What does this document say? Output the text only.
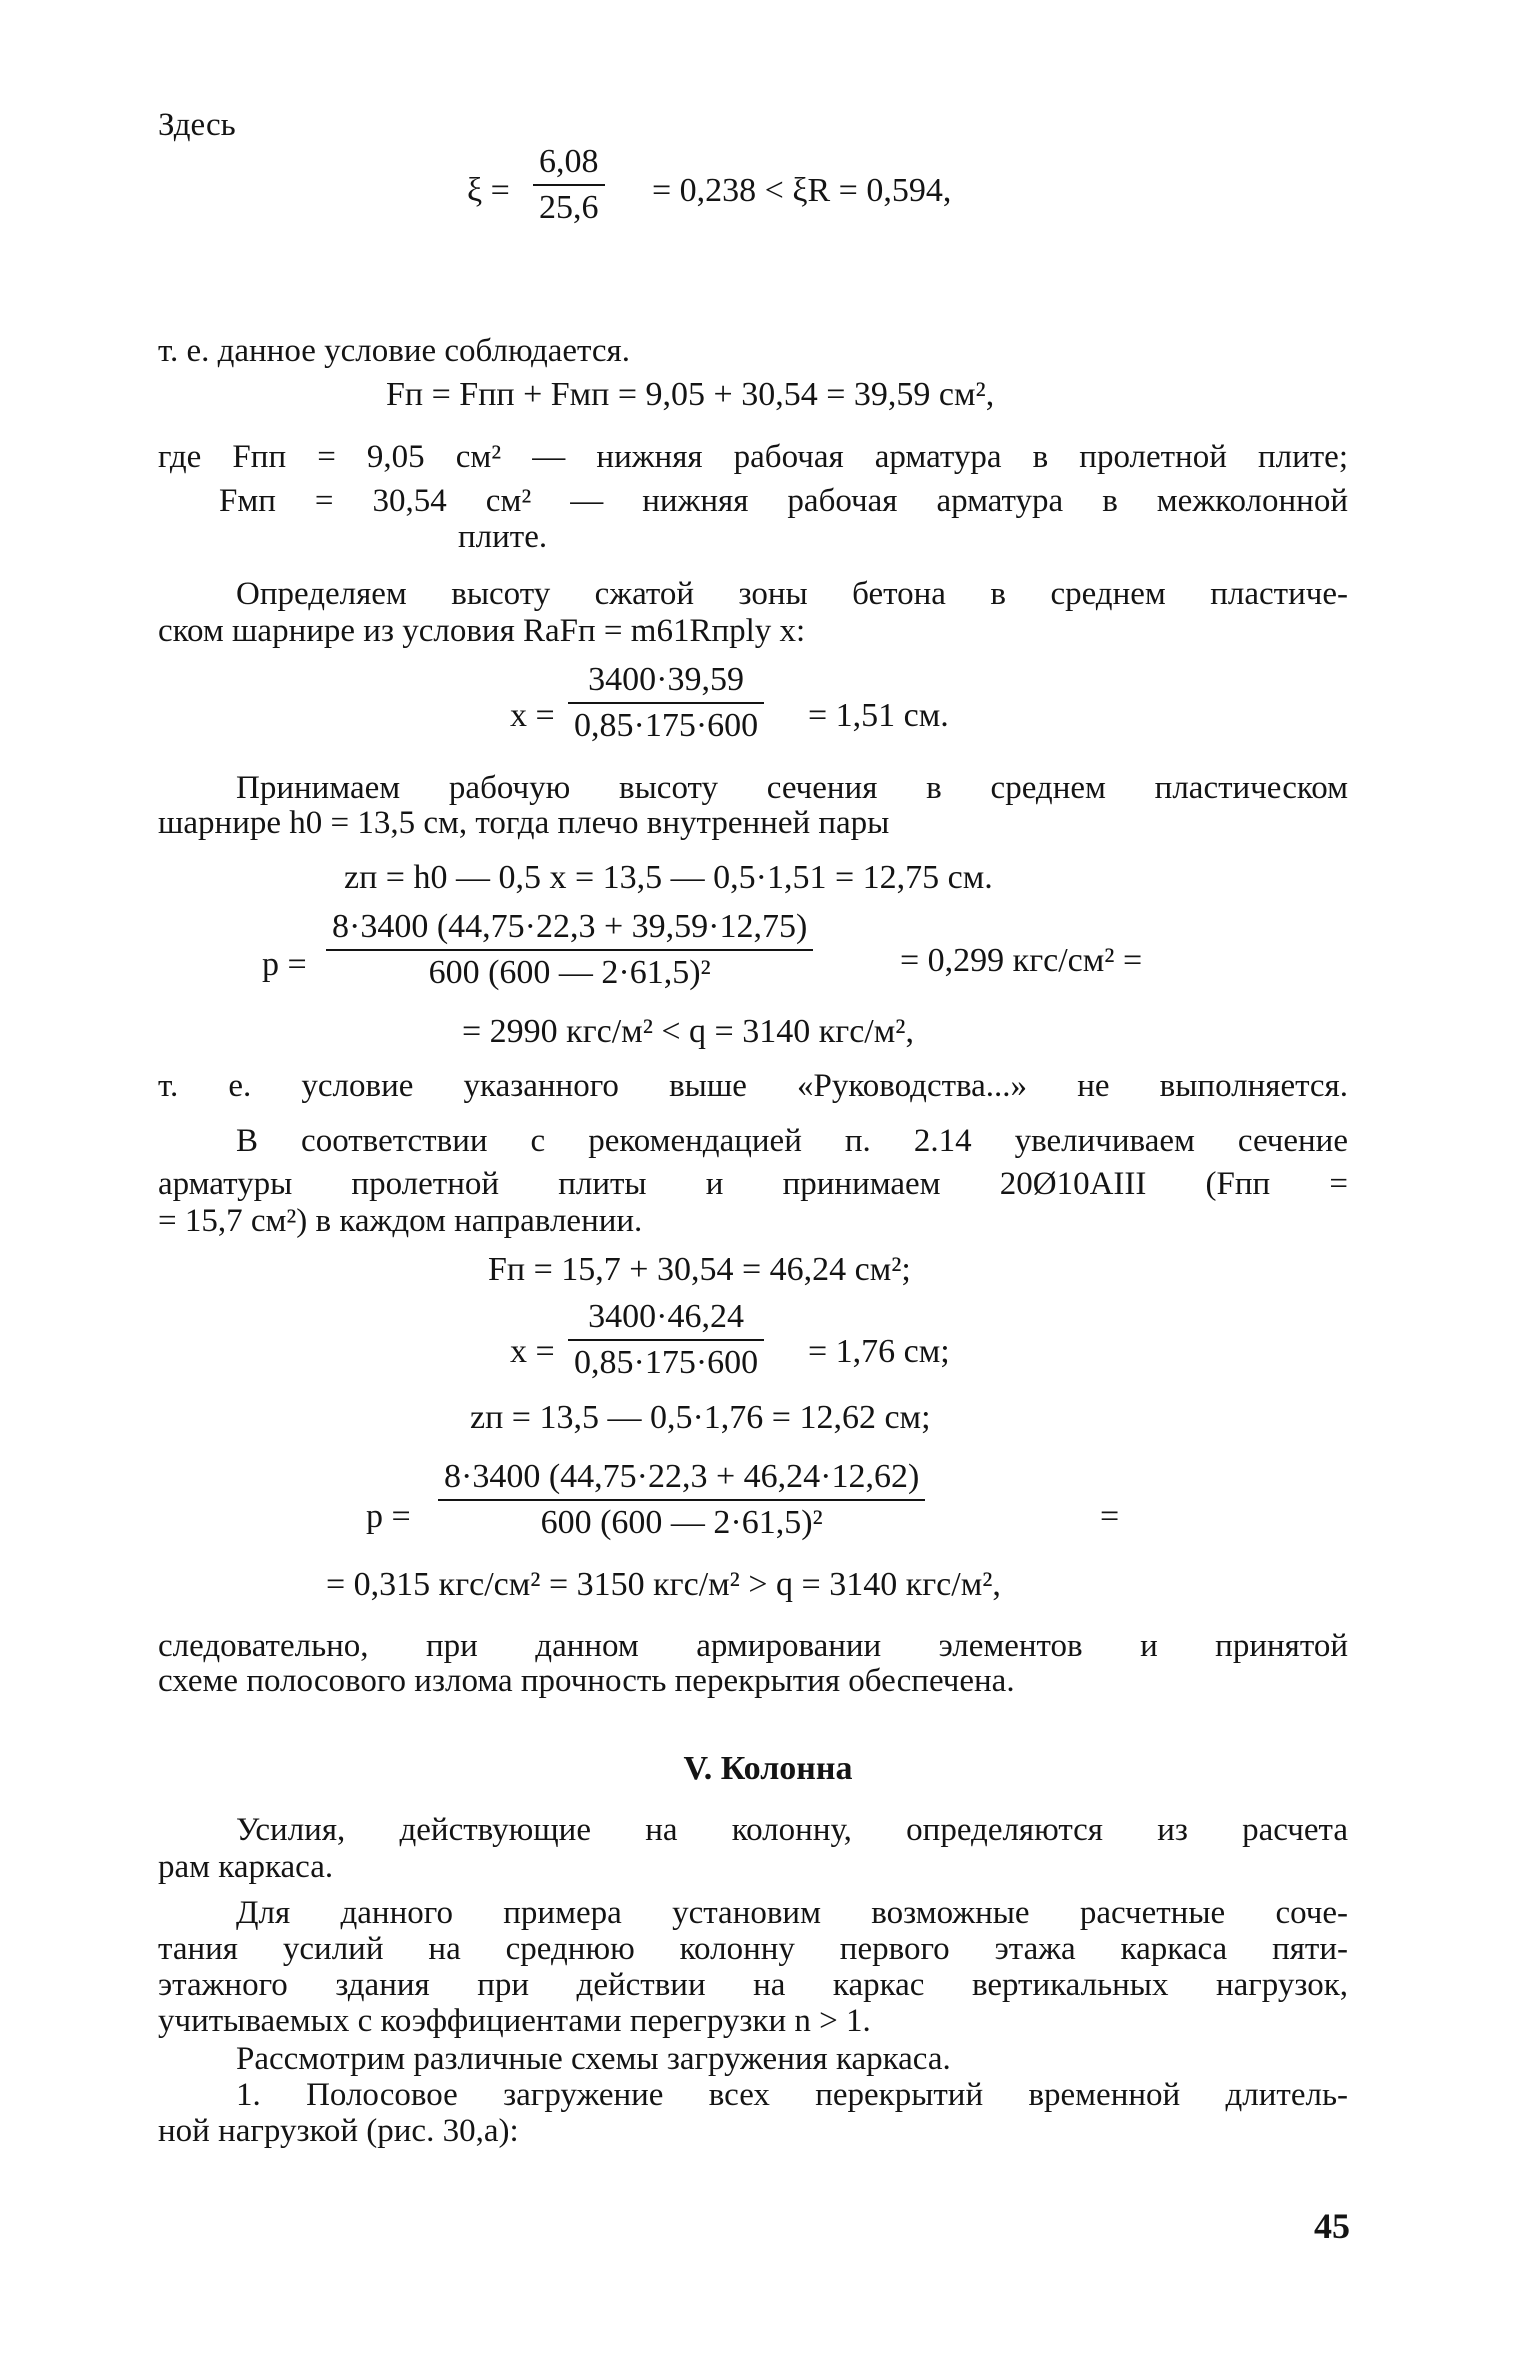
Здесь
ξ =
6,08
25,6 = 0,238 < ξR = 0,594,
т. е. данное условие соблюдается.
Fп = Fпп + Fмп = 9,05 + 30,54 = 39,59 см²,
где Fпп = 9,05 см² — нижняя рабочая арматура в пролетной плите;
Fмп = 30,54 см² — нижняя рабочая арматура в межколонной
плите.
Определяем высоту сжатой зоны бетона в среднем пластиче-
ском шарнире из условия RaFп = m61Rпрly x:
x =
3400·39,59
0,85·175·600 = 1,51 см.
Принимаем рабочую высоту сечения в среднем пластическом
шарнире h0 = 13,5 см, тогда плечо внутренней пары
zп = h0 — 0,5 x = 13,5 — 0,5·1,51 = 12,75 см.
p =
8·3400 (44,75·22,3 + 39,59·12,75)
600 (600 — 2·61,5)²	= 0,299 кгс/см² =
= 2990 кгс/м² < q = 3140 кгс/м²,
т. е. условие указанного выше «Руководства...» не выполняется.
В соответствии с рекомендацией п. 2.14 увеличиваем сечение
арматуры пролетной плиты и принимаем 20Ø10AIII (Fпп =
= 15,7 см²) в каждом направлении.
Fп = 15,7 + 30,54 = 46,24 см²;
x =
3400·46,24
0,85·175·600 = 1,76 см;
zп = 13,5 — 0,5·1,76 = 12,62 см;
p =
8·3400 (44,75·22,3 + 46,24·12,62)
600 (600 — 2·61,5)²	=
= 0,315 кгс/см² = 3150 кгс/м² > q = 3140 кгс/м²,
следовательно, при данном армировании элементов и принятой
схеме полосового излома прочность перекрытия обеспечена.
V. Колонна
Усилия, действующие на колонну, определяются из расчета
рам каркаса.
Для данного примера установим возможные расчетные соче-
тания усилий на среднюю колонну первого этажа каркаса пяти-
этажного здания при действии на каркас вертикальных нагрузок,
учитываемых с коэффициентами перегрузки n > 1.
Рассмотрим различные схемы загружения каркаса.
1. Полосовое загружение всех перекрытий временной длитель-
ной нагрузкой (рис. 30,а):
45
